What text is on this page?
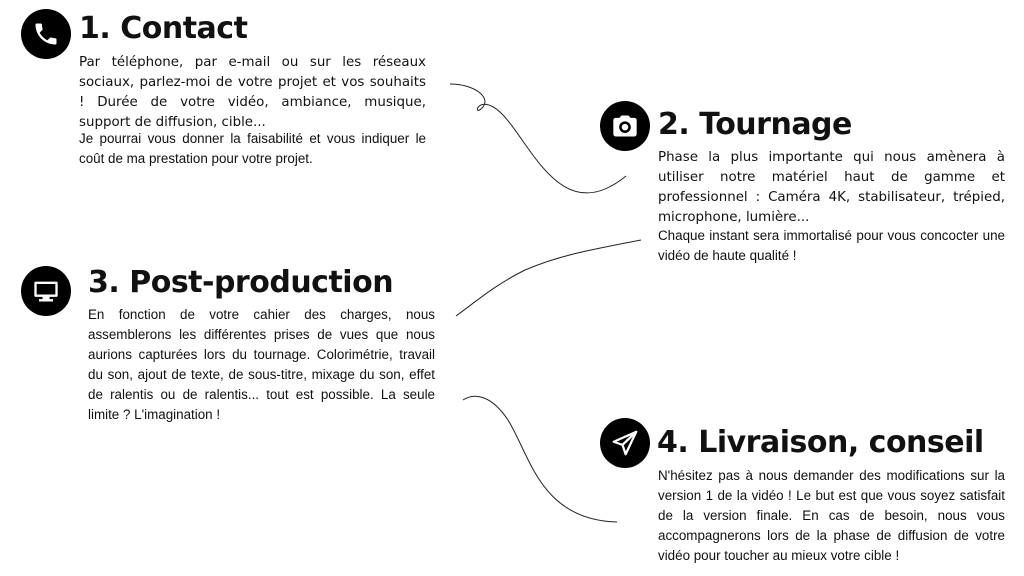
1. Contact

Par téléphone, par e-mail ou sur les réseaux sociaux, parlez-moi de votre projet et vos souhaits ! Durée de votre vidéo, ambiance, musique, support de diffusion, cible...

Je pourrai vous donner la faisabilité et vous indiquer le coût de ma prestation pour votre projet.

2. Tournage

Phase la plus importante qui nous amènera à utiliser notre matériel haut de gamme et professionnel : Caméra 4K, stabilisateur, trépied, microphone, lumière...

Chaque instant sera immortalisé pour vous concocter une vidéo de haute qualité !

3. Post-production

En fonction de votre cahier des charges, nous assemblerons les différentes prises de vues que nous aurions capturées lors du tournage. Colorimétrie, travail du son, ajout de texte, de sous-titre, mixage du son, effet de ralentis ou de ralentis... tout est possible. La seule limite ? L'imagination !

4. Livraison, conseil

N'hésitez pas à nous demander des modifications sur la version 1 de la vidéo ! Le but est que vous soyez satisfait de la version finale. En cas de besoin, nous vous accompagnerons lors de la phase de diffusion de votre vidéo pour toucher au mieux votre cible !
